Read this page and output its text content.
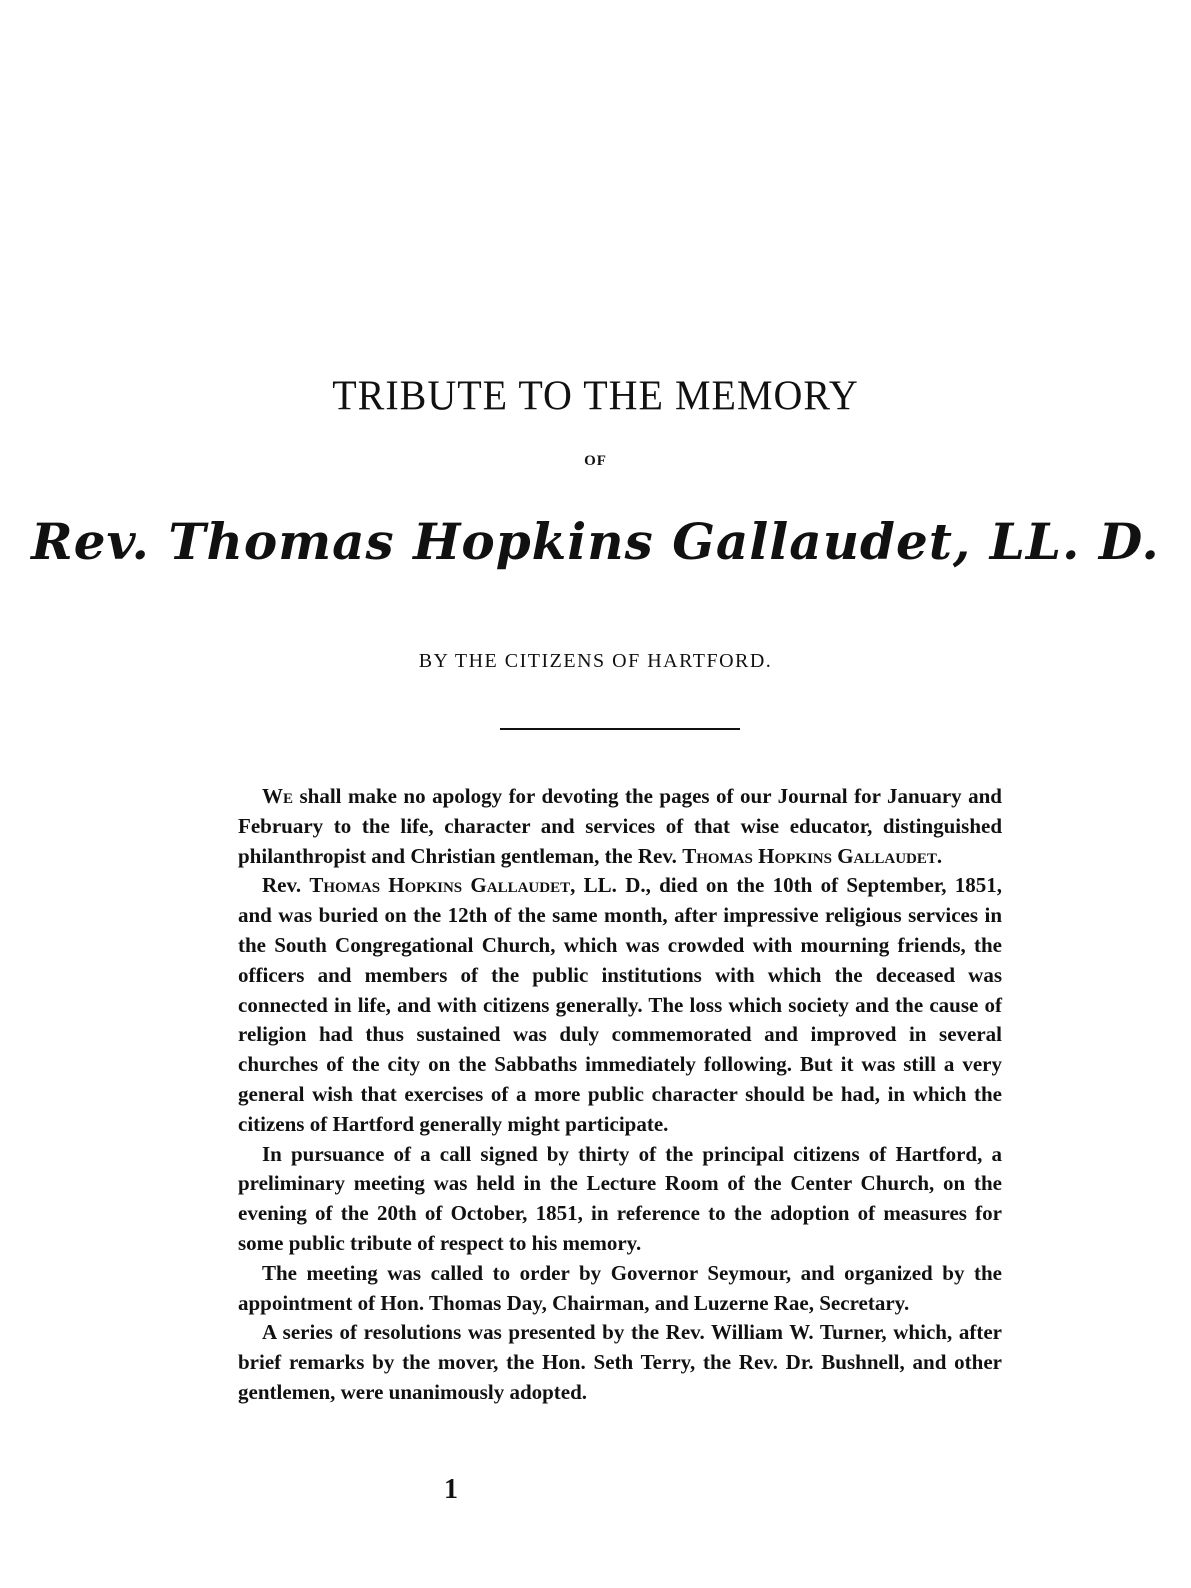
TRIBUTE TO THE MEMORY
OF
Rev. Thomas Hopkins Gallaudet, LL. D.
BY THE CITIZENS OF HARTFORD.

We shall make no apology for devoting the pages of our Journal for January and February to the life, character and services of that wise educator, distinguished philanthropist and Christian gentleman, the Rev. Thomas Hopkins Gallaudet.

Rev. Thomas Hopkins Gallaudet, LL. D., died on the 10th of September, 1851, and was buried on the 12th of the same month, after impressive religious services in the South Congregational Church, which was crowded with mourning friends, the officers and members of the public institutions with which the deceased was connected in life, and with citizens generally. The loss which society and the cause of religion had thus sustained was duly commemorated and improved in several churches of the city on the Sabbaths immediately following. But it was still a very general wish that exercises of a more public character should be had, in which the citizens of Hartford generally might participate.

In pursuance of a call signed by thirty of the principal citizens of Hartford, a preliminary meeting was held in the Lecture Room of the Center Church, on the evening of the 20th of October, 1851, in reference to the adoption of measures for some public tribute of respect to his memory.

The meeting was called to order by Governor Seymour, and organized by the appointment of Hon. Thomas Day, Chairman, and Luzerne Rae, Secretary.

A series of resolutions was presented by the Rev. William W. Turner, which, after brief remarks by the mover, the Hon. Seth Terry, the Rev. Dr. Bushnell, and other gentlemen, were unanimously adopted.

1
